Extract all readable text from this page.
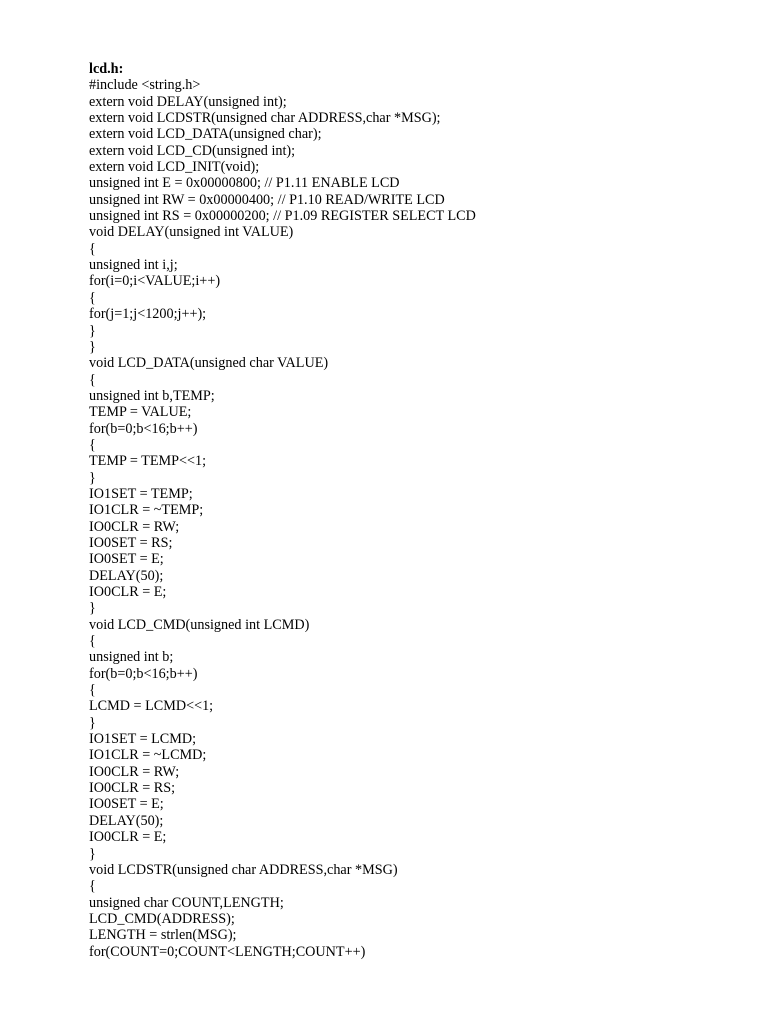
lcd.h:
#include <string.h>
extern void DELAY(unsigned int);
extern void LCDSTR(unsigned char ADDRESS,char *MSG);
extern void LCD_DATA(unsigned char);
extern void LCD_CD(unsigned int);
extern void LCD_INIT(void);
unsigned int E = 0x00000800; // P1.11 ENABLE LCD
unsigned int RW = 0x00000400; // P1.10 READ/WRITE LCD
unsigned int RS = 0x00000200; // P1.09 REGISTER SELECT LCD
void DELAY(unsigned int VALUE)
{
unsigned int i,j;
for(i=0;i<VALUE;i++)
{
for(j=1;j<1200;j++);
}
}
void LCD_DATA(unsigned char VALUE)
{
unsigned int b,TEMP;
TEMP = VALUE;
for(b=0;b<16;b++)
{
TEMP = TEMP<<1;
}
IO1SET = TEMP;
IO1CLR = ~TEMP;
IO0CLR = RW;
IO0SET = RS;
IO0SET = E;
DELAY(50);
IO0CLR = E;
}
void LCD_CMD(unsigned int LCMD)
{
unsigned int b;
for(b=0;b<16;b++)
{
LCMD = LCMD<<1;
}
IO1SET = LCMD;
IO1CLR = ~LCMD;
IO0CLR = RW;
IO0CLR = RS;
IO0SET = E;
DELAY(50);
IO0CLR = E;
}
void LCDSTR(unsigned char ADDRESS,char *MSG)
{
unsigned char COUNT,LENGTH;
LCD_CMD(ADDRESS);
LENGTH = strlen(MSG);
for(COUNT=0;COUNT<LENGTH;COUNT++)
